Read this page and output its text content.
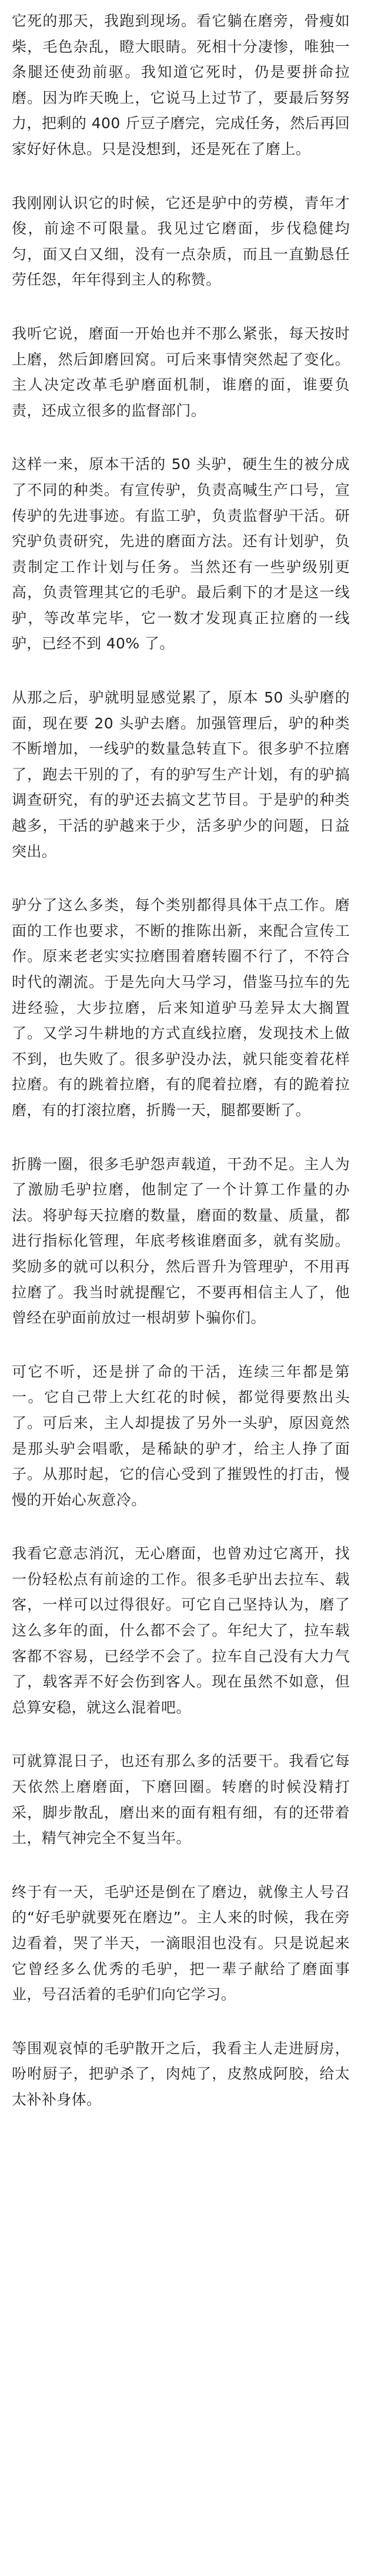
它死的那天，我跑到现场。看它躺在磨旁，骨瘦如柴，毛色杂乱，瞪大眼睛。死相十分凄惨，唯独一条腿还使劲前驱。我知道它死时，仍是要拼命拉磨。因为昨天晚上，它说马上过节了，要最后努努力，把剩的 400 斤豆子磨完，完成任务，然后再回家好好休息。只是没想到，还是死在了磨上。

我刚刚认识它的时候，它还是驴中的劳模，青年才俊，前途不可限量。我见过它磨面，步伐稳健均匀，面又白又细，没有一点杂质，而且一直勤恳任劳任怨，年年得到主人的称赞。

我听它说，磨面一开始也并不那么紧张，每天按时上磨，然后卸磨回窝。可后来事情突然起了变化。主人决定改革毛驴磨面机制，谁磨的面，谁要负责，还成立很多的监督部门。

这样一来，原本干活的 50 头驴，硬生生的被分成了不同的种类。有宣传驴，负责高喊生产口号，宣传驴的先进事迹。有监工驴，负责监督驴干活。研究驴负责研究，先进的磨面方法。还有计划驴，负责制定工作计划与任务。当然还有一些驴级别更高，负责管理其它的毛驴。最后剩下的才是这一线驴，等改革完毕，它一数才发现真正拉磨的一线驴，已经不到 40% 了。

从那之后，驴就明显感觉累了，原本 50 头驴磨的面，现在要 20 头驴去磨。加强管理后，驴的种类不断增加，一线驴的数量急转直下。很多驴不拉磨了，跑去干别的了，有的驴写生产计划，有的驴搞调查研究，有的驴还去搞文艺节目。于是驴的种类越多，干活的驴越来于少，活多驴少的问题，日益突出。

驴分了这么多类，每个类别都得具体干点工作。磨面的工作也要求，不断的推陈出新，来配合宣传工作。原来老老实实拉磨围着磨转圈不行了，不符合时代的潮流。于是先向大马学习，借鉴马拉车的先进经验，大步拉磨，后来知道驴马差异太大搁置了。又学习牛耕地的方式直线拉磨，发现技术上做不到，也失败了。很多驴没办法，就只能变着花样拉磨。有的跳着拉磨，有的爬着拉磨，有的跪着拉磨，有的打滚拉磨，折腾一天，腿都要断了。

折腾一圈，很多毛驴怨声载道，干劲不足。主人为了激励毛驴拉磨，他制定了一个计算工作量的办法。将驴每天拉磨的数量，磨面的数量、质量，都进行指标化管理，年底考核谁磨面多，就有奖励。奖励多的就可以积分，然后晋升为管理驴，不用再拉磨了。我当时就提醒它，不要再相信主人了，他曾经在驴面前放过一根胡萝卜骗你们。

可它不听，还是拼了命的干活，连续三年都是第一。它自己带上大红花的时候，都觉得要熬出头了。可后来，主人却提拔了另外一头驴，原因竟然是那头驴会唱歌，是稀缺的驴才，给主人挣了面子。从那时起，它的信心受到了摧毁性的打击，慢慢的开始心灰意冷。

我看它意志消沉，无心磨面，也曾劝过它离开，找一份轻松点有前途的工作。很多毛驴出去拉车、载客，一样可以过得很好。可它自己坚持认为，磨了这么多年的面，什么都不会了。年纪大了，拉车载客都不容易，已经学不会了。拉车自己没有大力气了，载客弄不好会伤到客人。现在虽然不如意，但总算安稳，就这么混着吧。

可就算混日子，也还有那么多的活要干。我看它每天依然上磨磨面，下磨回圈。转磨的时候没精打采，脚步散乱，磨出来的面有粗有细，有的还带着土，精气神完全不复当年。

终于有一天，毛驴还是倒在了磨边，就像主人号召的“好毛驴就要死在磨边”。主人来的时候，我在旁边看着，哭了半天，一滴眼泪也没有。只是说起来它曾经多么优秀的毛驴，把一辈子献给了磨面事业，号召活着的毛驴们向它学习。

等围观哀悼的毛驴散开之后，我看主人走进厨房，吩咐厨子，把驴杀了，肉炖了，皮熬成阿胶，给太太补补身体。
